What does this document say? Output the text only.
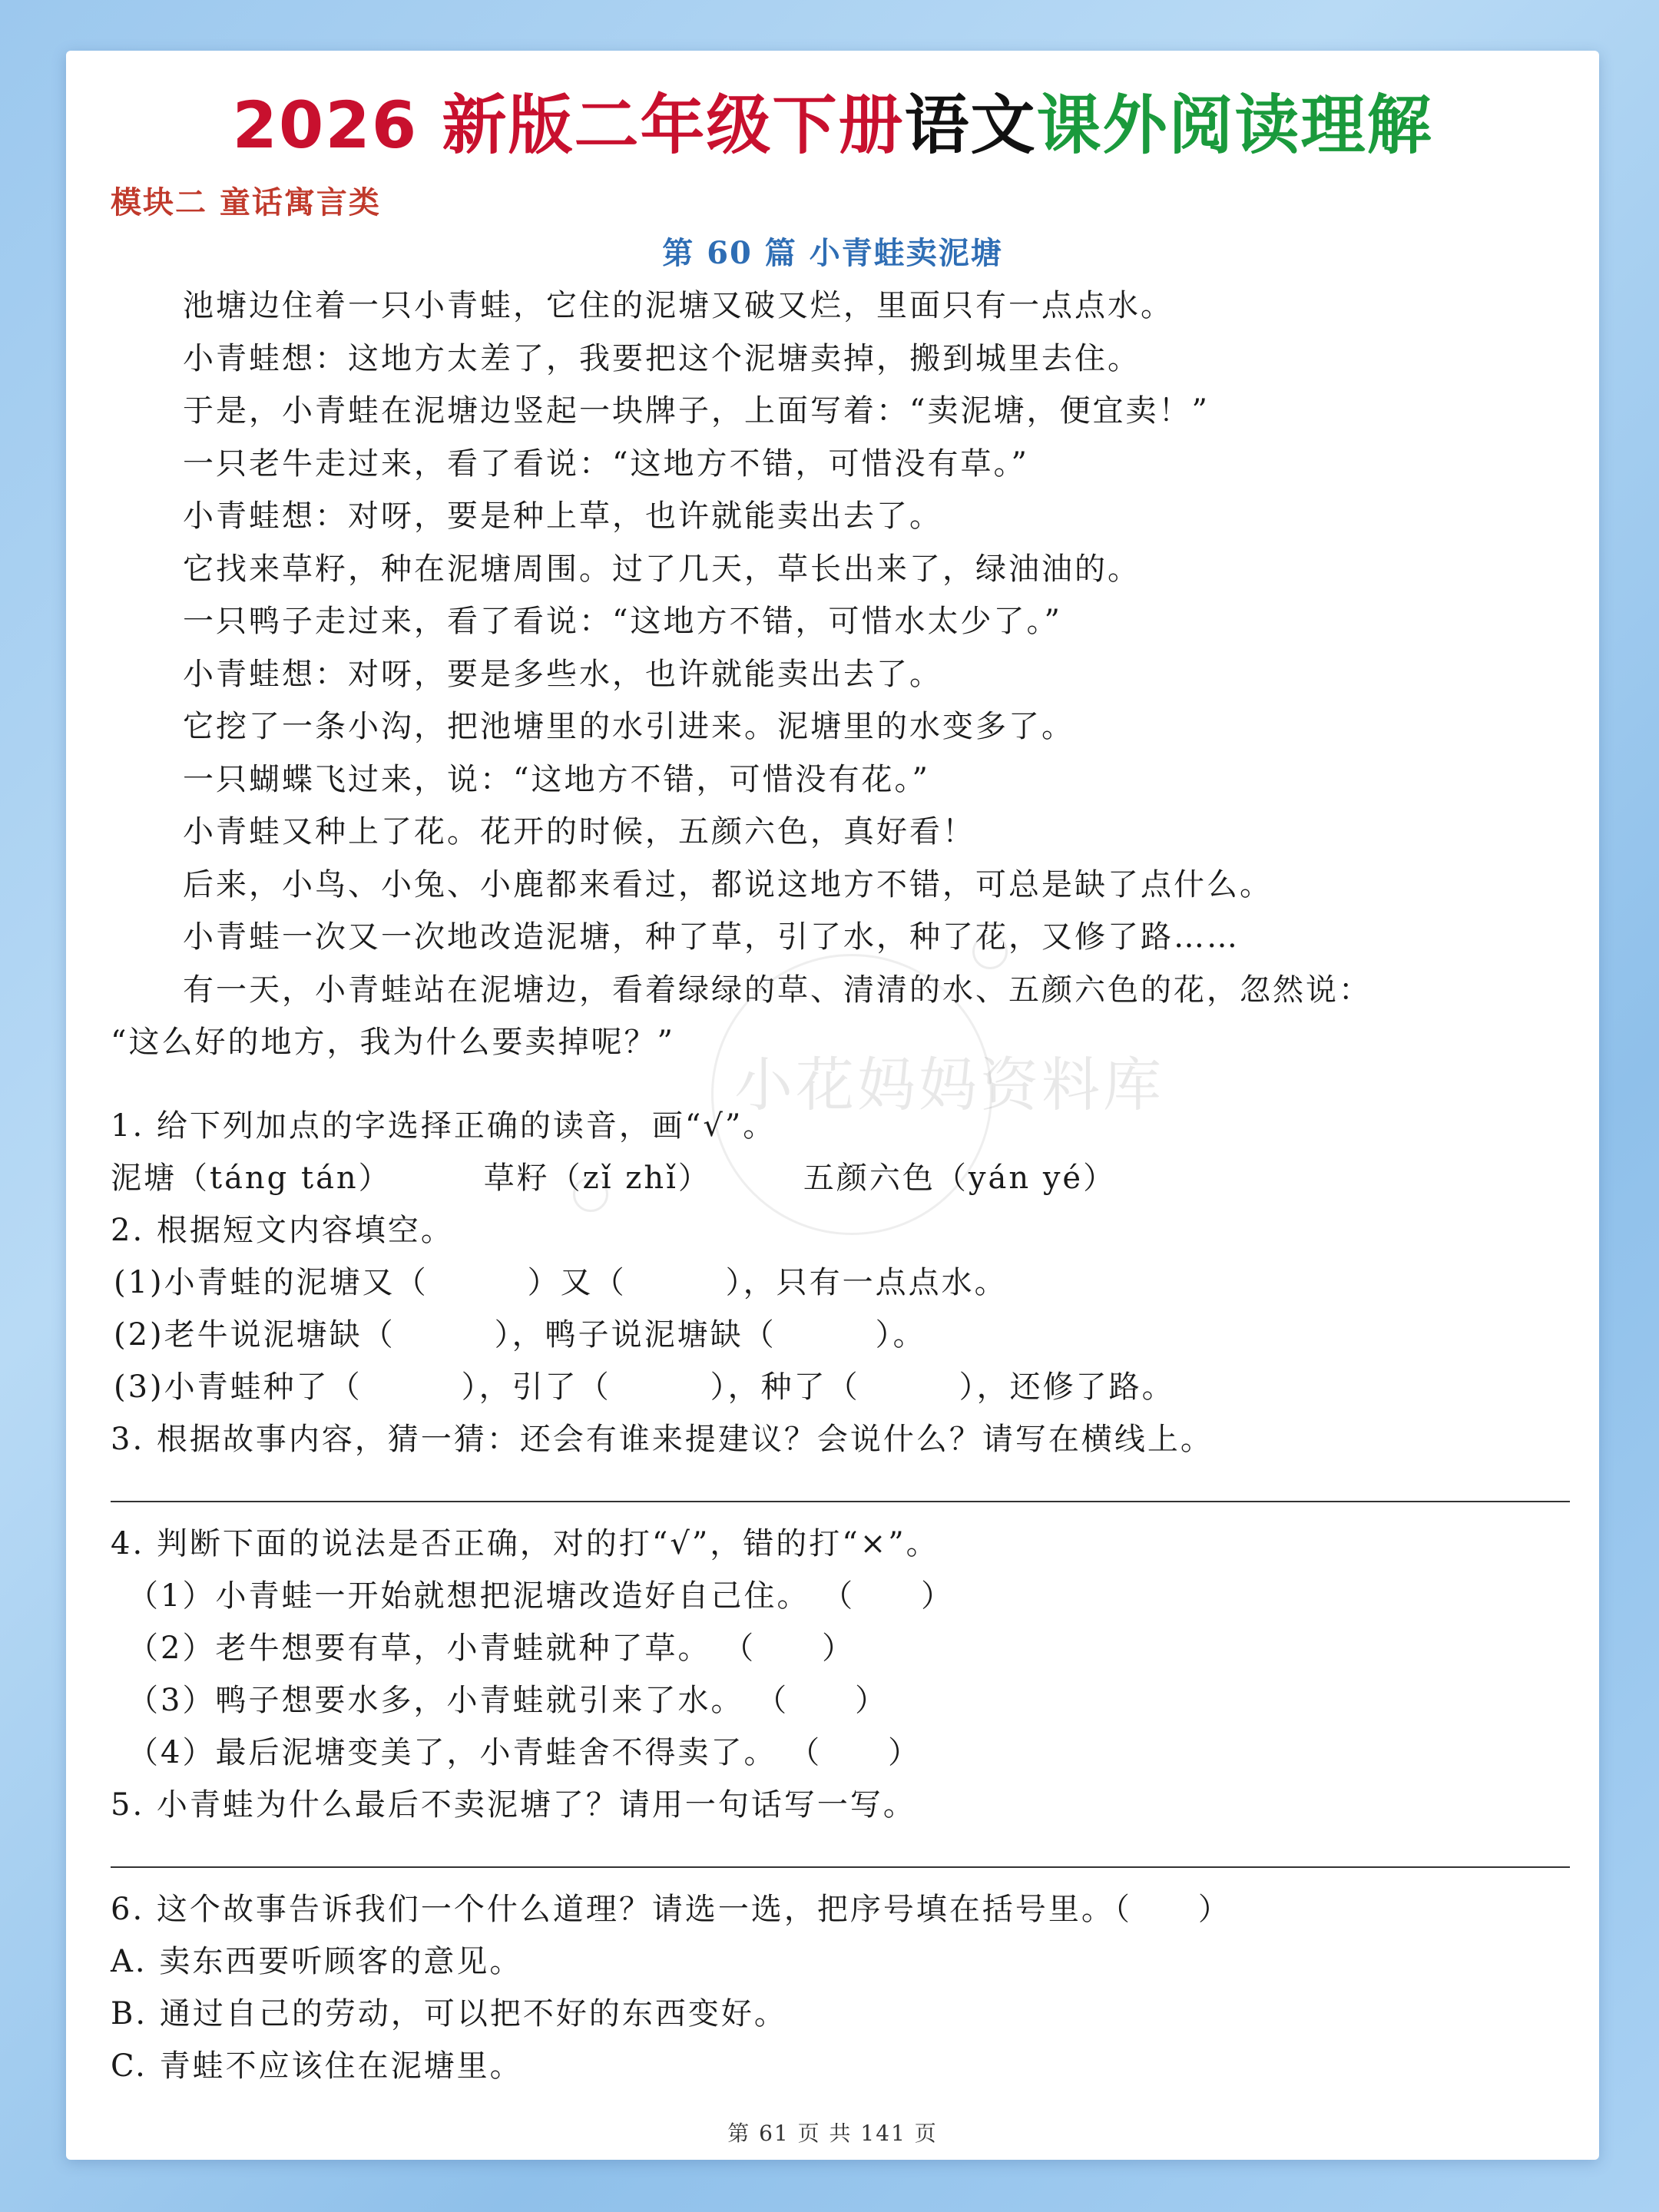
2026 新版二年级下册语文课外阅读理解
模块二 童话寓言类
第 60 篇 小青蛙卖泥塘
池塘边住着一只小青蛙，它住的泥塘又破又烂，里面只有一点点水。
小青蛙想：这地方太差了，我要把这个泥塘卖掉，搬到城里去住。
于是，小青蛙在泥塘边竖起一块牌子，上面写着：“卖泥塘，便宜卖！”
一只老牛走过来，看了看说：“这地方不错，可惜没有草。”
小青蛙想：对呀，要是种上草，也许就能卖出去了。
它找来草籽，种在泥塘周围。过了几天，草长出来了，绿油油的。
一只鸭子走过来，看了看说：“这地方不错，可惜水太少了。”
小青蛙想：对呀，要是多些水，也许就能卖出去了。
它挖了一条小沟，把池塘里的水引进来。泥塘里的水变多了。
一只蝴蝶飞过来，说：“这地方不错，可惜没有花。”
小青蛙又种上了花。花开的时候，五颜六色，真好看！
后来，小鸟、小兔、小鹿都来看过，都说这地方不错，可总是缺了点什么。
小青蛙一次又一次地改造泥塘，种了草，引了水，种了花，又修了路……
有一天，小青蛙站在泥塘边，看着绿绿的草、清清的水、五颜六色的花，忽然说：
“这么好的地方，我为什么要卖掉呢？”
小花妈妈资料库
1. 给下列加点的字选择正确的读音，画“√”。
泥塘（táng tán）	草籽（zǐ zhǐ）	五颜六色（yán yé）
2. 根据短文内容填空。
(1)小青蛙的泥塘又（　　　）又（　　　），只有一点点水。
(2)老牛说泥塘缺（　　　），鸭子说泥塘缺（　　　）。
(3)小青蛙种了（　　　），引了（　　　），种了（　　　），还修了路。
3. 根据故事内容，猜一猜：还会有谁来提建议？会说什么？请写在横线上。
4. 判断下面的说法是否正确，对的打“√”，错的打“×”。
（1）小青蛙一开始就想把泥塘改造好自己住。 （　　）
（2）老牛想要有草，小青蛙就种了草。 （　　）
（3）鸭子想要水多，小青蛙就引来了水。 （　　）
（4）最后泥塘变美了，小青蛙舍不得卖了。 （　　）
5. 小青蛙为什么最后不卖泥塘了？请用一句话写一写。
6. 这个故事告诉我们一个什么道理？请选一选，把序号填在括号里。（　　）
A. 卖东西要听顾客的意见。
B. 通过自己的劳动，可以把不好的东西变好。
C. 青蛙不应该住在泥塘里。
第 61 页 共 141 页
